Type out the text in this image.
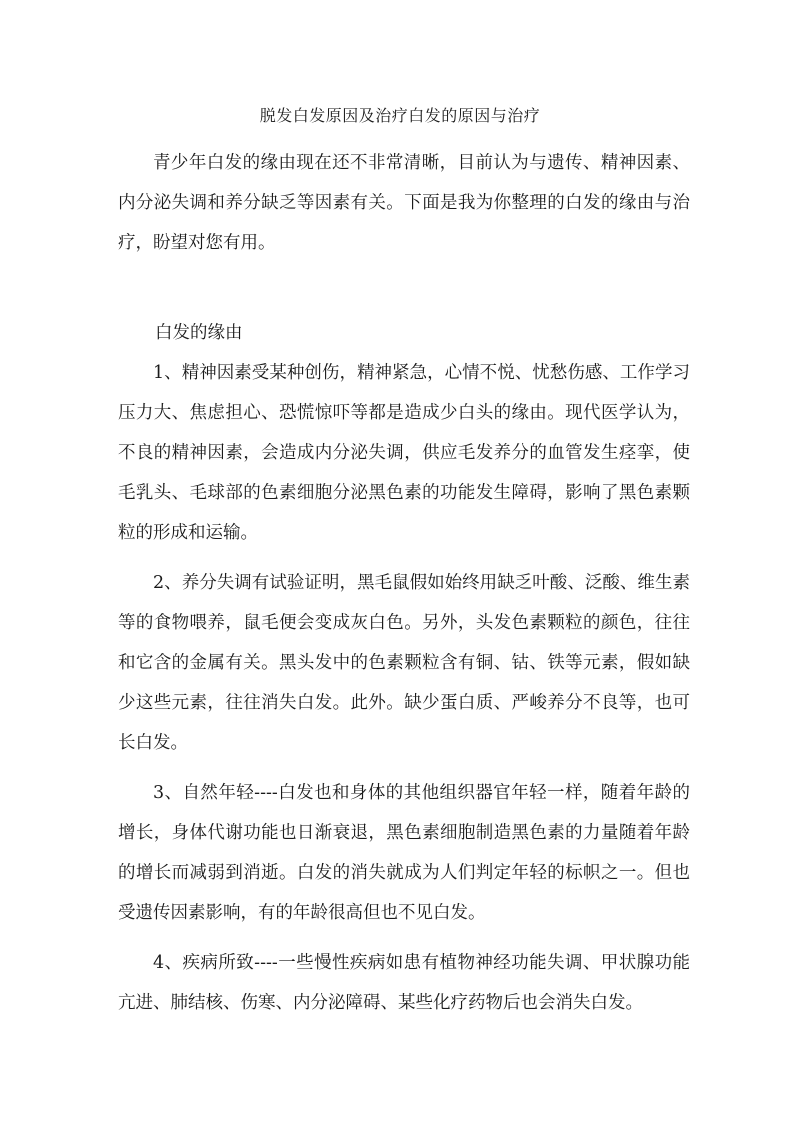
脱发白发原因及治疗白发的原因与治疗

青少年白发的缘由现在还不非常清晰，目前认为与遗传、精神因素、内分泌失调和养分缺乏等因素有关。下面是我为你整理的白发的缘由与治疗，盼望对您有用。

白发的缘由

1、精神因素受某种创伤，精神紧急，心情不悦、忧愁伤感、工作学习压力大、焦虑担心、恐慌惊吓等都是造成少白头的缘由。现代医学认为，不良的精神因素，会造成内分泌失调，供应毛发养分的血管发生痉挛，使毛乳头、毛球部的色素细胞分泌黑色素的功能发生障碍，影响了黑色素颗粒的形成和运输。

2、养分失调有试验证明，黑毛鼠假如始终用缺乏叶酸、泛酸、维生素等的食物喂养，鼠毛便会变成灰白色。另外，头发色素颗粒的颜色，往往和它含的金属有关。黑头发中的色素颗粒含有铜、钴、铁等元素，假如缺少这些元素，往往消失白发。此外。缺少蛋白质、严峻养分不良等，也可长白发。

3、自然年轻----白发也和身体的其他组织器官年轻一样，随着年龄的增长，身体代谢功能也日渐衰退，黑色素细胞制造黑色素的力量随着年龄的增长而减弱到消逝。白发的消失就成为人们判定年轻的标帜之一。但也受遗传因素影响，有的年龄很高但也不见白发。

4、疾病所致----一些慢性疾病如患有植物神经功能失调、甲状腺功能亢进、肺结核、伤寒、内分泌障碍、某些化疗药物后也会消失白发。
